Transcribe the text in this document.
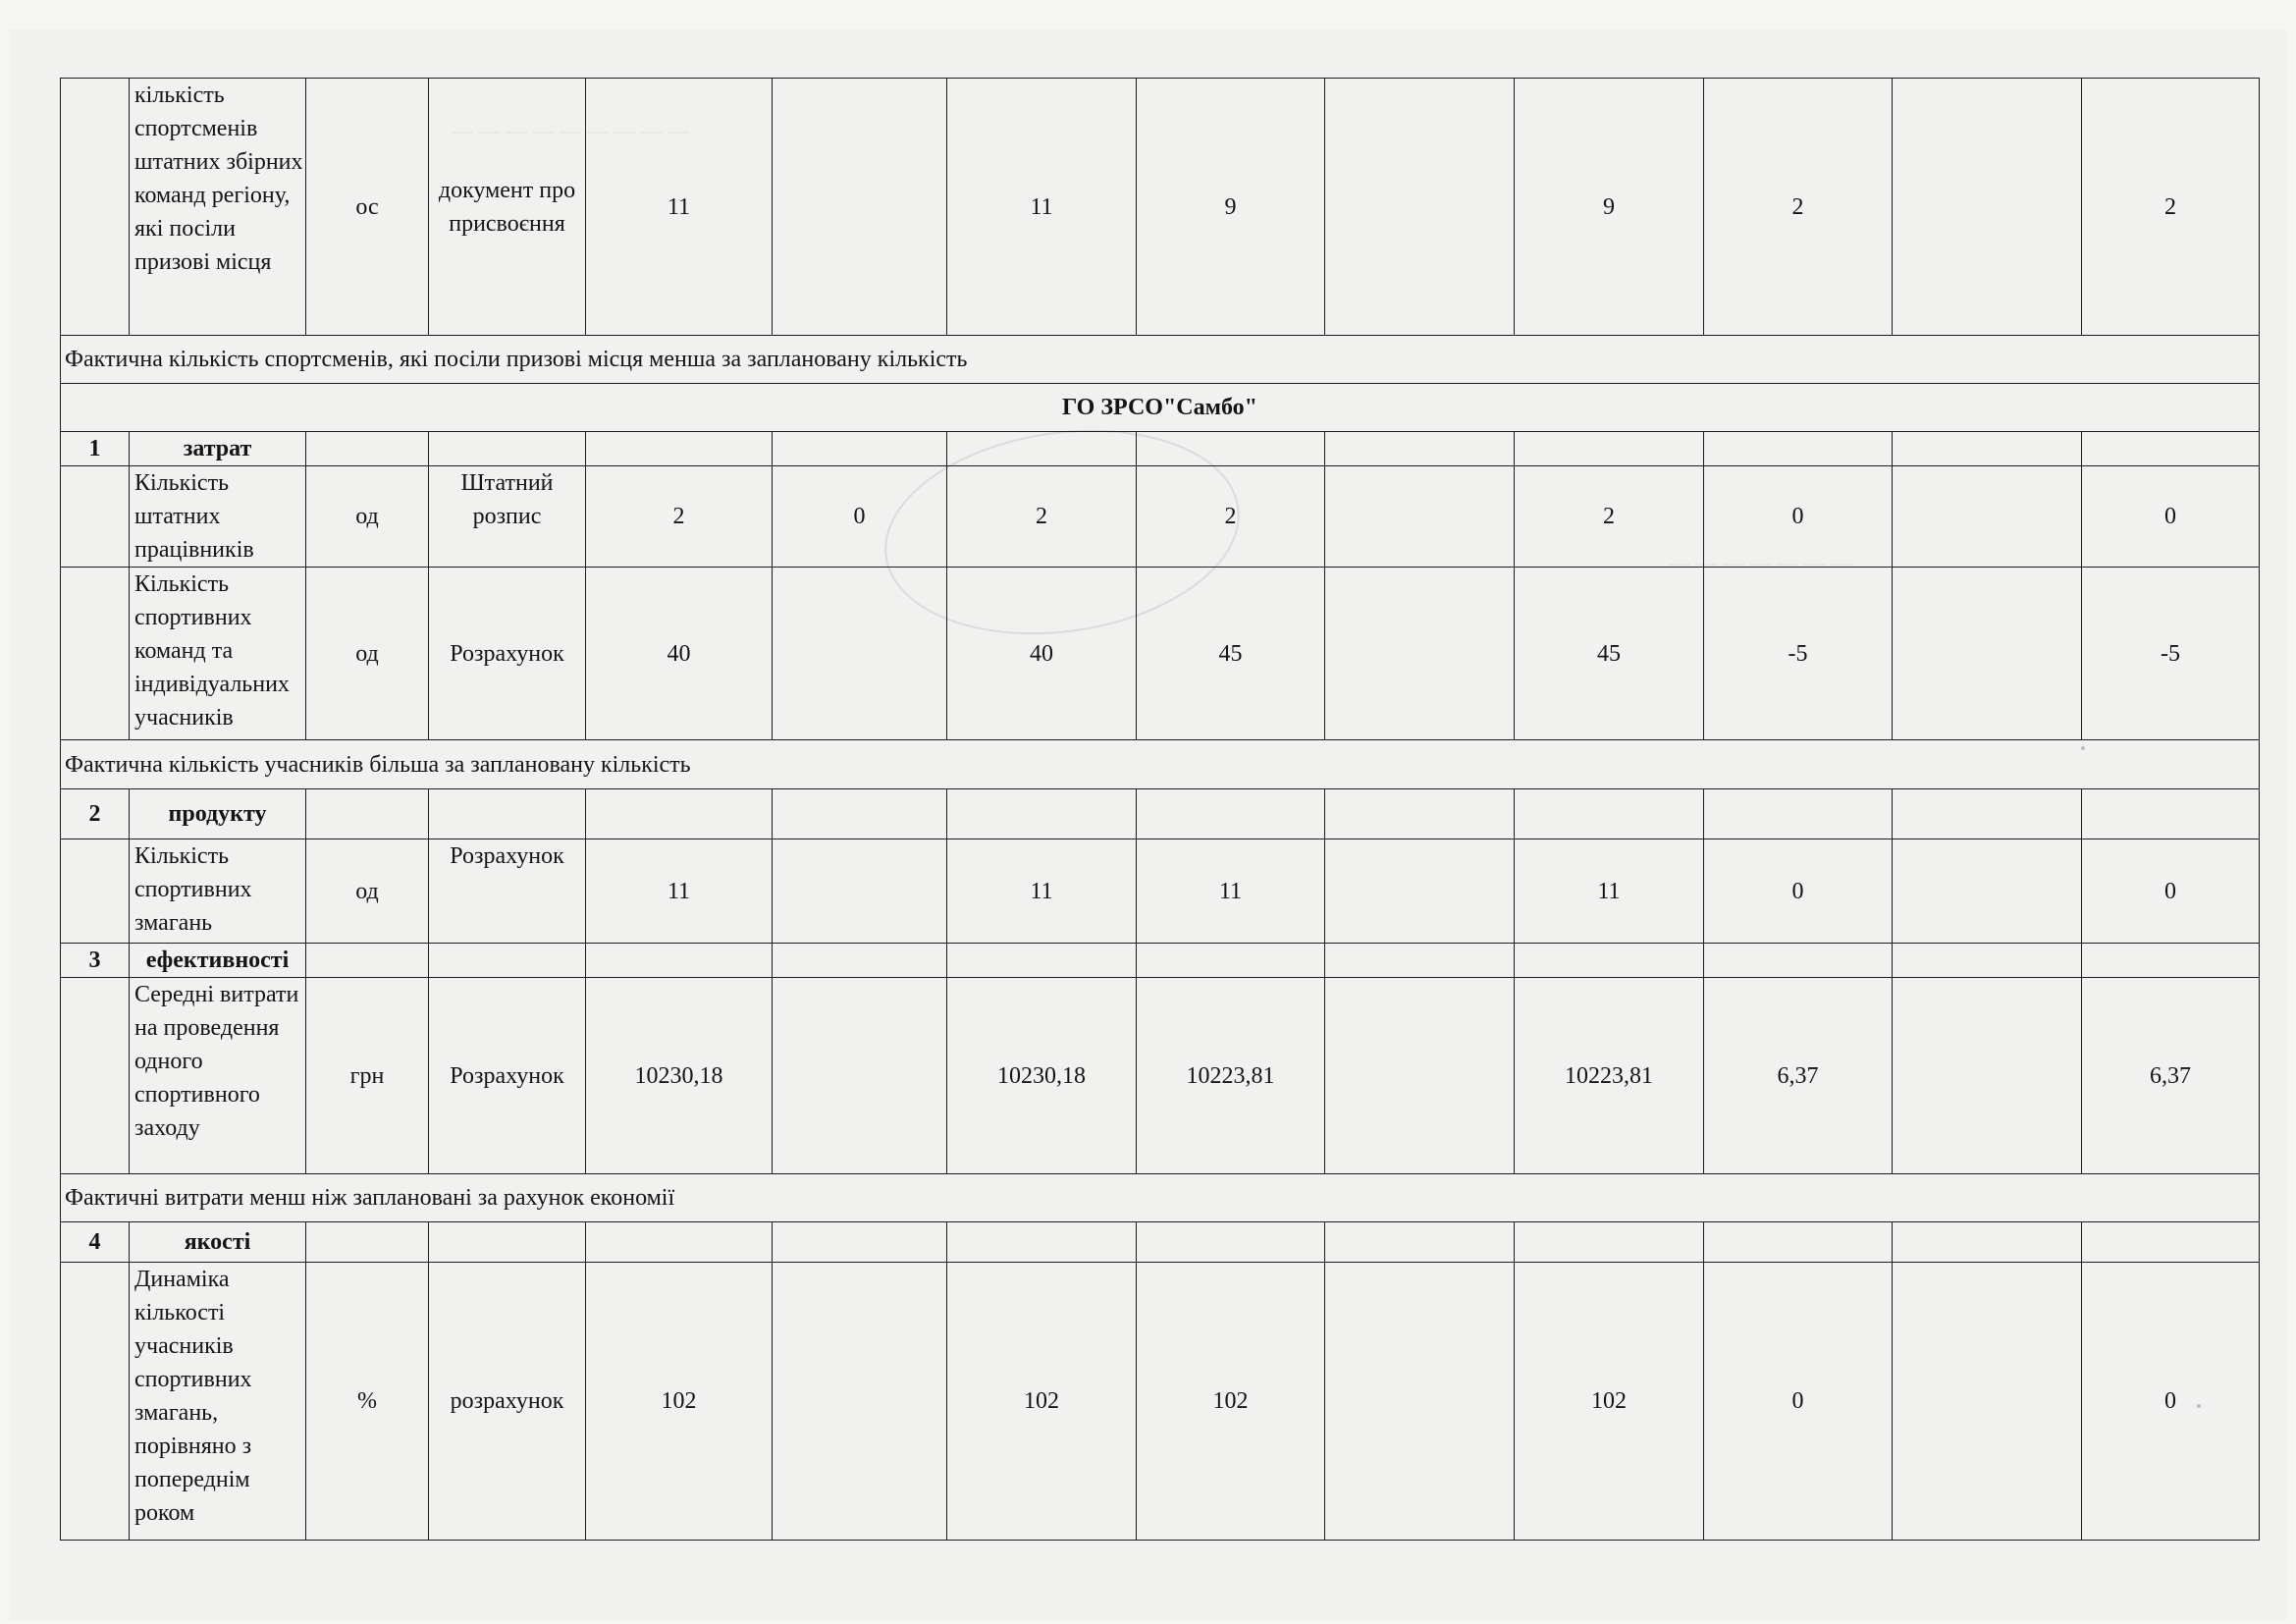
— — — — — — — — —
— — — — — — —
	кількість спортсменів штатних збірних команд регіону, які посіли призові місця	ос	документ про присвоєння	11		11	9		9	2		2
Фактична кількість спортсменів, які посіли призові місця менша за заплановану кількість												
ГО ЗРСО"Самбо"												
1	затрат											
	Кількість штатних працівників	од	Штатний розпис	2	0	2	2		2	0		0
	Кількість спортивних команд та індивідуальних учасників	од	Розрахунок	40		40	45		45	-5		-5
Фактична кількість учасників більша за заплановану кількість												
2	продукту											
	Кількість спортивних змагань	од	Розрахунок	11		11	11		11	0		0
3	ефективності											
	Середні витрати на проведення одного спортивного заходу	грн	Розрахунок	10230,18		10230,18	10223,81		10223,81	6,37		6,37
Фактичні витрати менш ніж заплановані за рахунок економії												
4	якості											
	Динаміка кількості учасників спортивних змагань, порівняно з попереднім роком	%	розрахунок	102		102	102		102	0		0
